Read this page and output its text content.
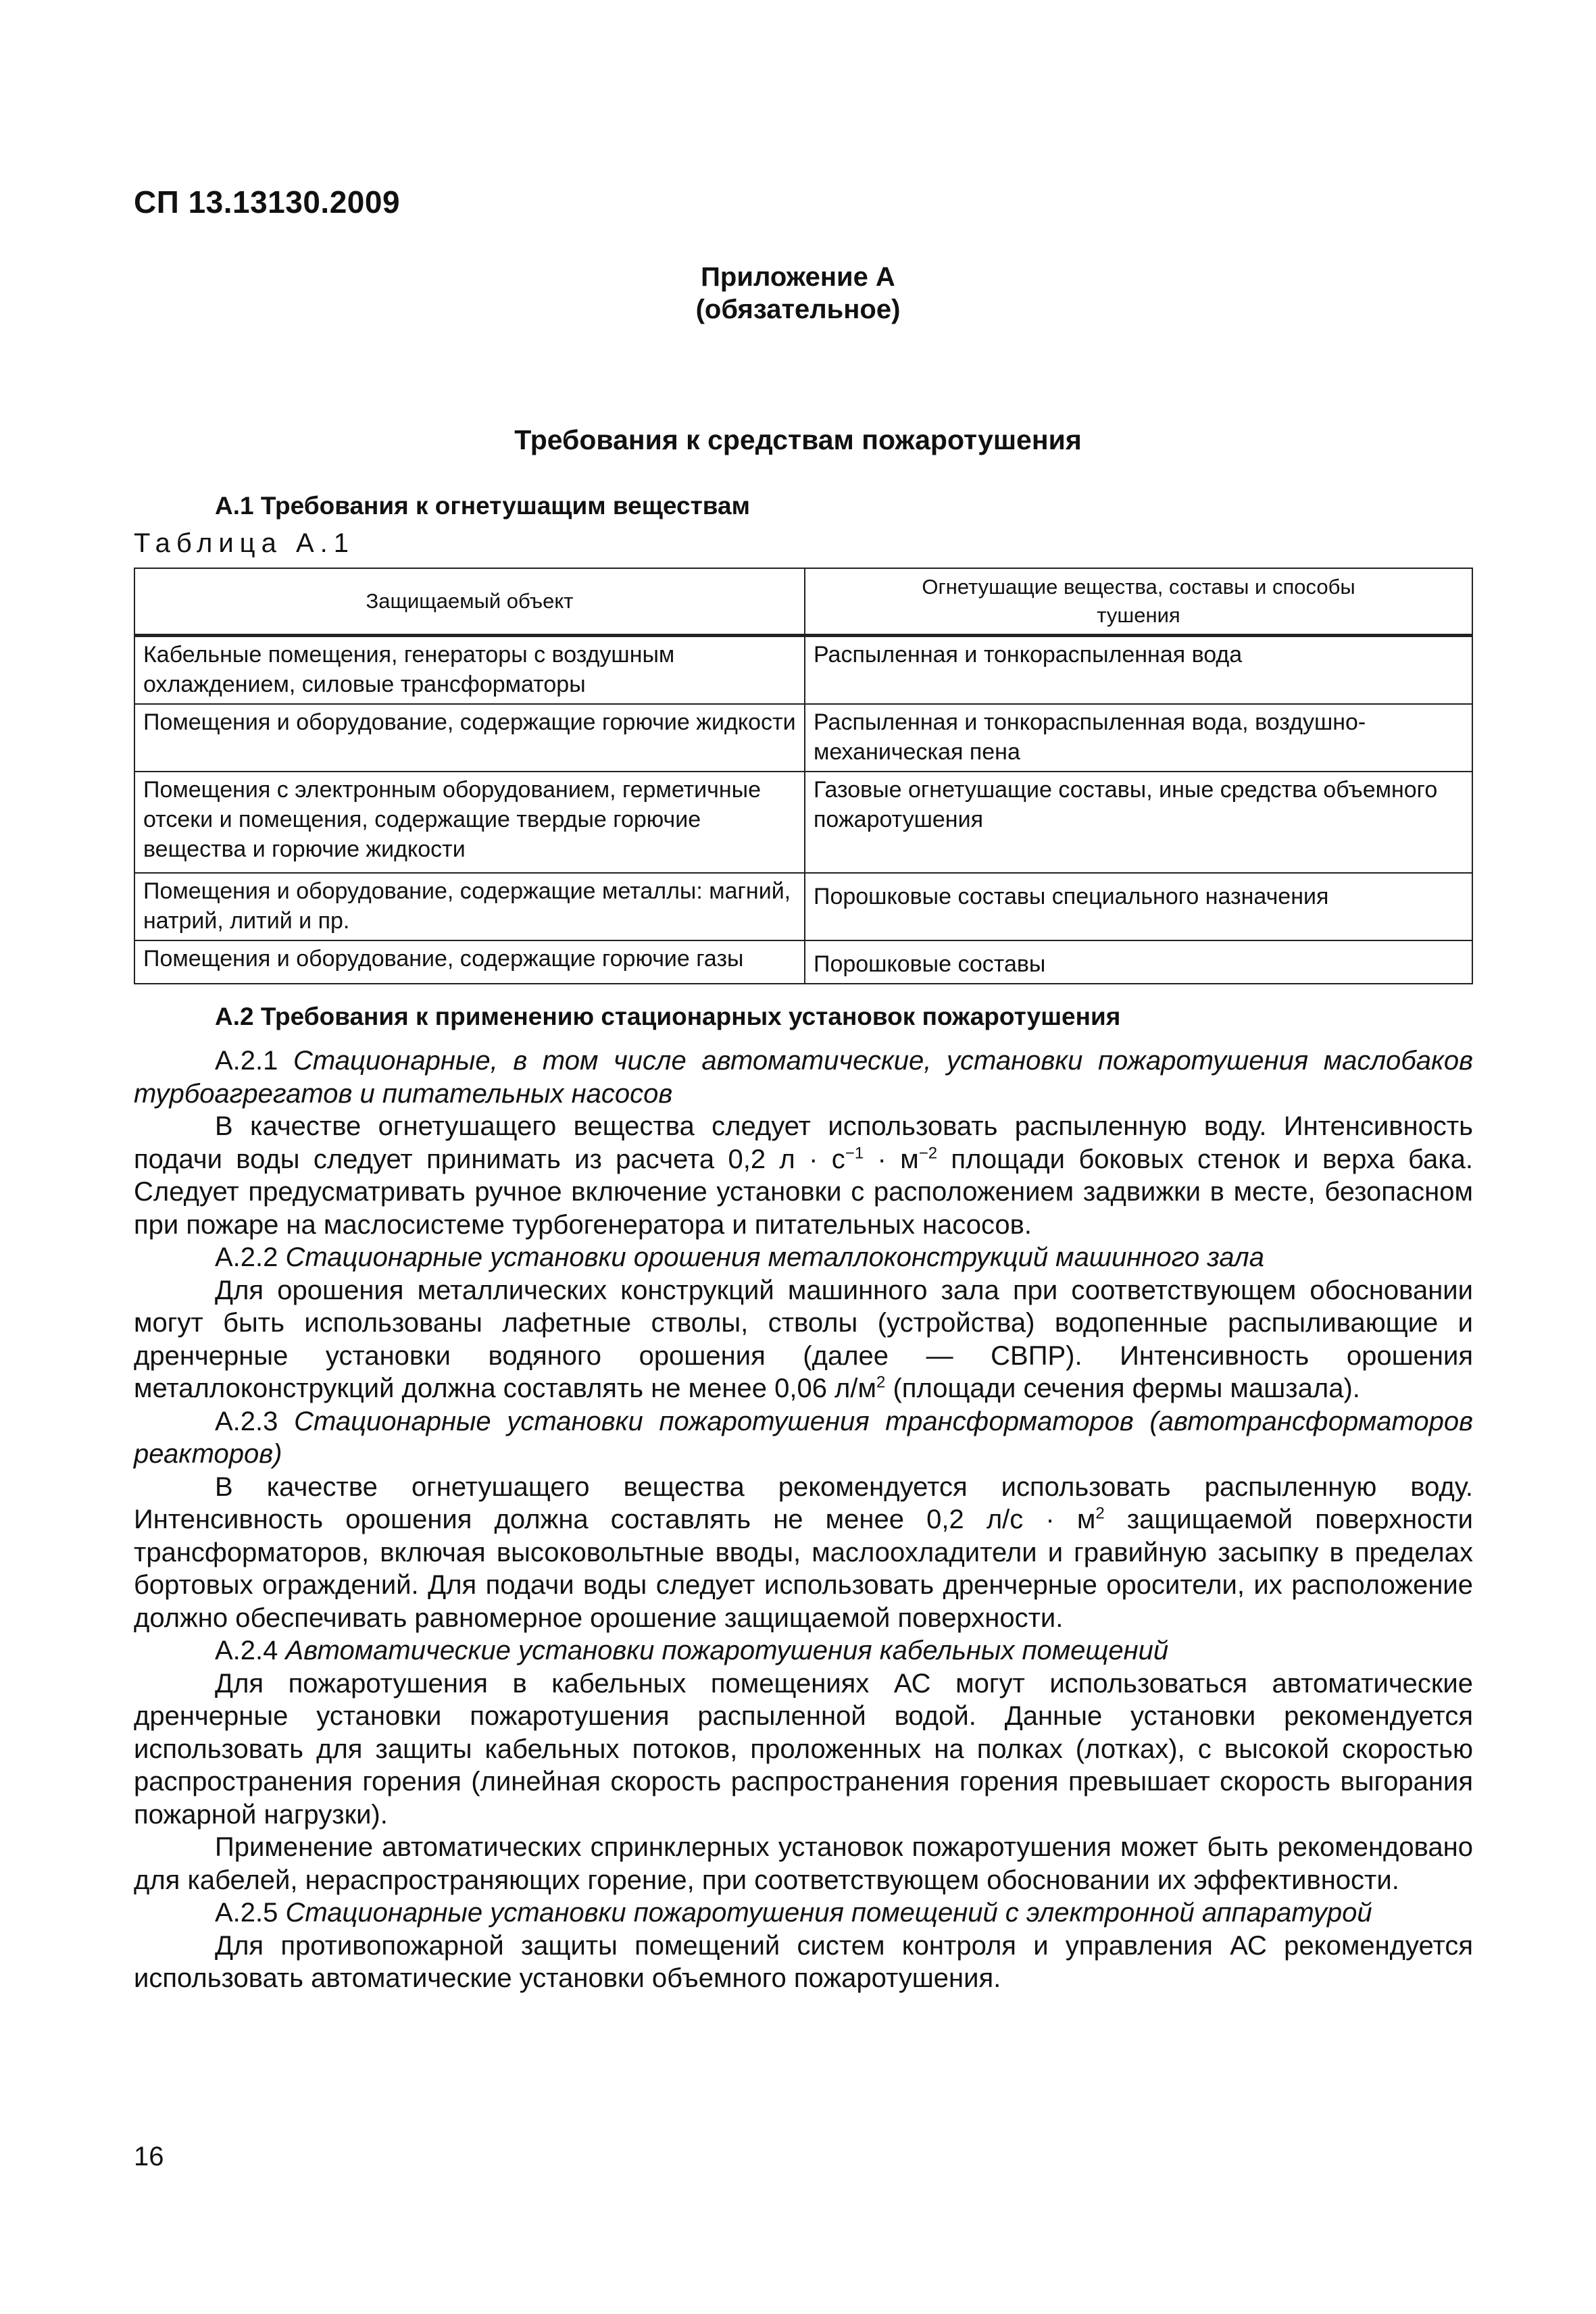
СП 13.13130.2009
Приложение А
(обязательное)
Требования к средствам пожаротушения
А.1 Требования к огнетушащим веществам
Таблица А.1
Защищаемый объект	Огнетушащие вещества, составы и способы тушения
Кабельные помещения, генераторы с воздушным охлаждением, силовые трансформаторы	Распыленная и тонкораспыленная вода
Помещения и оборудование, содержащие горючие жидкости	Распыленная и тонкораспыленная вода, воздушно-механическая пена
Помещения с электронным оборудованием, герметичные отсеки и помещения, содержащие твердые горючие вещества и горючие жидкости	Газовые огнетушащие составы, иные средства объемного пожаротушения
Помещения и оборудование, содержащие металлы: магний, натрий, литий и пр.	Порошковые составы специального назначения
Помещения и оборудование, содержащие горючие газы	Порошковые составы
А.2 Требования к применению стационарных установок пожаротушения

А.2.1 Стационарные, в том числе автоматические, установки пожаротушения маслобаков турбоагрегатов и питательных насосов

В качестве огнетушащего вещества следует использовать распыленную воду. Интенсивность подачи воды следует принимать из расчета 0,2 $л \cdot с^{-1} \cdot м^{-2}$ площади боковых стенок и верха бака. Следует предусматривать ручное включение установки с расположением задвижки в месте, безопасном при пожаре на маслосистеме турбогенератора и питательных насосов.

А.2.2 Стационарные установки орошения металлоконструкций машинного зала

Для орошения металлических конструкций машинного зала при соответствующем обосновании могут быть использованы лафетные стволы, стволы (устройства) водопенные распыливающие и дренчерные установки водяного орошения (далее — СВПР). Интенсивность орошения металлоконструкций должна составлять не менее 0,06 $л/м^2$ (площади сечения фермы машзала).

А.2.3 Стационарные установки пожаротушения трансформаторов (автотрансформаторов реакторов)

В качестве огнетушащего вещества рекомендуется использовать распыленную воду. Интенсивность орошения должна составлять не менее 0,2 $л/с \cdot м^2$ защищаемой поверхности трансформаторов, включая высоковольтные вводы, маслоохладители и гравийную засыпку в пределах бортовых ограждений. Для подачи воды следует использовать дренчерные оросители, их расположение должно обеспечивать равномерное орошение защищаемой поверхности.

А.2.4 Автоматические установки пожаротушения кабельных помещений

Для пожаротушения в кабельных помещениях АС могут использоваться автоматические дренчерные установки пожаротушения распыленной водой. Данные установки рекомендуется использовать для защиты кабельных потоков, проложенных на полках (лотках), с высокой скоростью распространения горения (линейная скорость распространения горения превышает скорость выгорания пожарной нагрузки).

Применение автоматических спринклерных установок пожаротушения может быть рекомендовано для кабелей, нераспространяющих горение, при соответствующем обосновании их эффективности.

А.2.5 Стационарные установки пожаротушения помещений с электронной аппаратурой

Для противопожарной защиты помещений систем контроля и управления АС рекомендуется использовать автоматические установки объемного пожаротушения.

16
